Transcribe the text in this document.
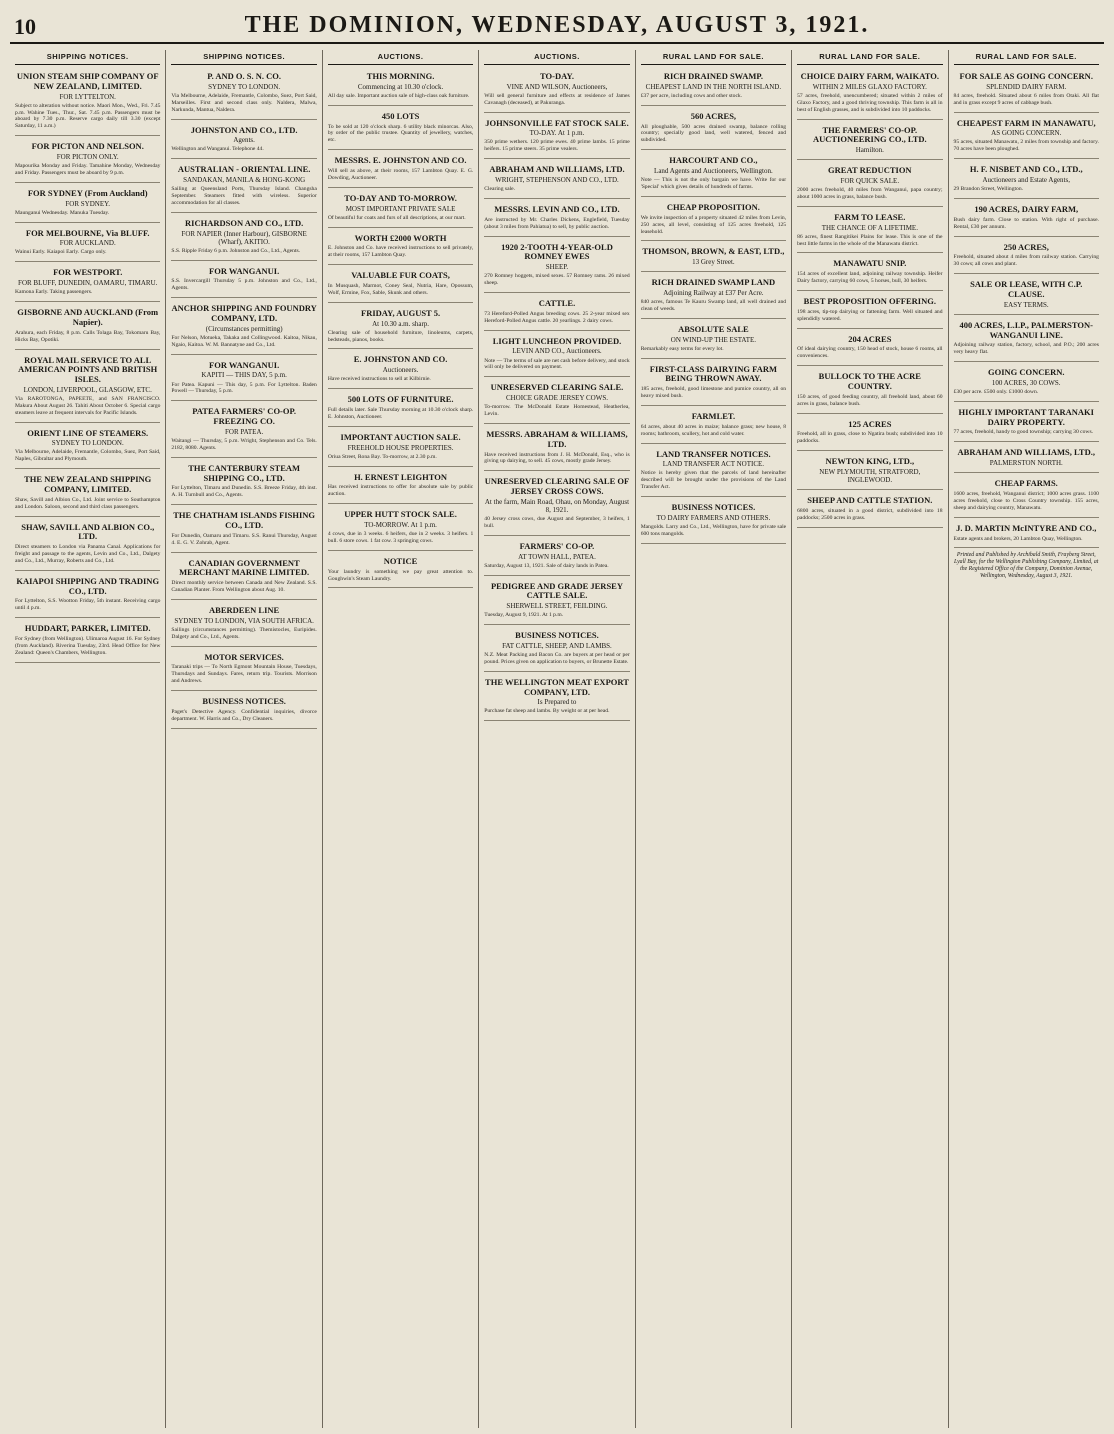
10	THE DOMINION, WEDNESDAY, AUGUST 3, 1921.
SHIPPING NOTICES.
UNION STEAM SHIP COMPANY OF NEW ZEALAND, LIMITED.
FOR LYTTELTON.
Subject to alteration without notice. Maori Mon., Wed., Fri. 7.45 p.m. Wahine Tues., Thur., Sat. 7.45 p.m. Passengers must be aboard by 7.30 p.m. Reserve cargo daily till 3.30 (except Saturday, 11 a.m.)
FOR PICTON AND NELSON.
FOR PICTON ONLY.
Mapourika Monday and Friday. Tamahine Monday, Wednesday and Friday. Passengers must be aboard by 9 p.m.
FOR SYDNEY (From Auckland)
FOR SYDNEY.
Maunganui Wednesday. Manuka Tuesday.
FOR MELBOURNE, Via BLUFF.
FOR AUCKLAND.
Wainui Early. Kaiapoi Early. Cargo only.
FOR WESTPORT.
FOR BLUFF, DUNEDIN, OAMARU, TIMARU.
Kamona Early. Taking passengers.
GISBORNE AND AUCKLAND (From Napier).
Arahura, each Friday, 8 p.m. Calls Tolaga Bay, Tokomaru Bay, Hicks Bay, Opotiki.
ROYAL MAIL SERVICE TO ALL AMERICAN POINTS AND BRITISH ISLES.
LONDON, LIVERPOOL, GLASGOW, ETC.
Via RAROTONGA, PAPEETE, and SAN FRANCISCO. Makura About August 26. Tahiti About October 6. Special cargo steamers leave at frequent intervals for Pacific Islands.
ORIENT LINE OF STEAMERS.
SYDNEY TO LONDON.
Via Melbourne, Adelaide, Fremantle, Colombo, Suez, Port Said, Naples, Gibraltar and Plymouth.
THE NEW ZEALAND SHIPPING COMPANY, LIMITED.
Shaw, Savill and Albion Co., Ltd. Joint service to Southampton and London. Saloon, second and third class passengers.
SHAW, SAVILL AND ALBION CO., LTD.
Direct steamers to London via Panama Canal. Applications for freight and passage to the agents, Levin and Co., Ltd., Dalgety and Co., Ltd., Murray, Roberts and Co., Ltd.
KAIAPOI SHIPPING AND TRADING CO., LTD.
For Lyttelton, S.S. Wootton Friday, 5th instant. Receiving cargo until 4 p.m.
HUDDART, PARKER, LIMITED.
For Sydney (from Wellington). Ulimaroa August 16. For Sydney (from Auckland). Riverina Tuesday, 23rd. Head Office for New Zealand: Queen's Chambers, Wellington.
SHIPPING NOTICES.
P. AND O. S. N. CO.
SYDNEY TO LONDON.
Via Melbourne, Adelaide, Fremantle, Colombo, Suez, Port Said, Marseilles. First and second class only. Naldera, Malwa, Narkunda, Mantua, Naldera.
JOHNSTON AND CO., LTD.
Agents.
Wellington and Wanganui. Telephone 44.
AUSTRALIAN - ORIENTAL LINE.
SANDAKAN, MANILA & HONG-KONG
Sailing at Queensland Ports, Thursday Island. Changsha September. Steamers fitted with wireless. Superior accommodation for all classes.
RICHARDSON AND CO., LTD.
FOR NAPIER (Inner Harbour), GISBORNE (Wharf), AKITIO.
S.S. Ripple Friday 6 p.m. Johnston and Co., Ltd., Agents.
FOR WANGANUI.
S.S. Invercargill Thursday 5 p.m. Johnston and Co., Ltd., Agents.
ANCHOR SHIPPING AND FOUNDRY COMPANY, LTD.
(Circumstances permitting)
For Nelson, Motueka, Takaka and Collingwood. Kaitoa, Nikau, Ngaio, Kaitoa. W. M. Bannatyne and Co., Ltd.
FOR WANGANUI.
KAPITI — THIS DAY, 5 p.m.
For Patea. Kapuni — This day, 5 p.m. For Lyttelton. Baden Powell — Thursday, 5 p.m.
PATEA FARMERS' CO-OP. FREEZING CO.
FOR PATEA.
Waitangi — Thursday, 5 p.m. Wright, Stephenson and Co. Tels. 2182, 8080. Agents.
THE CANTERBURY STEAM SHIPPING CO., LTD.
For Lyttelton, Timaru and Dunedin. S.S. Breeze Friday, 4th inst. A. H. Turnbull and Co., Agents.
THE CHATHAM ISLANDS FISHING CO., LTD.
For Dunedin, Oamaru and Timaru. S.S. Ranui Thursday, August 4. E. G. V. Zohrab, Agent.
CANADIAN GOVERNMENT MERCHANT MARINE LIMITED.
Direct monthly service between Canada and New Zealand. S.S. Canadian Planter. From Wellington about Aug. 10.
ABERDEEN LINE
SYDNEY TO LONDON, VIA SOUTH AFRICA.
Sailings (circumstances permitting). Themistocles, Euripides. Dalgety and Co., Ltd., Agents.
MOTOR SERVICES.
Taranaki trips — To North Egmont Mountain House, Tuesdays, Thursdays and Sundays. Fares, return trip. Tourists. Morrison and Andrews.
BUSINESS NOTICES.
Paget's Detective Agency. Confidential inquiries, divorce department. W. Harris and Co., Dry Cleaners.
AUCTIONS.
THIS MORNING.
Commencing at 10.30 o'clock.
All day sale. Important auction sale of high-class oak furniture.
450 LOTS
To be sold at 120 o'clock sharp. 6 utility black minorcas. Also, by order of the public trustee. Quantity of jewellery, watches, etc.
MESSRS. E. JOHNSTON AND CO.
Will sell as above, at their rooms, 157 Lambton Quay. E. G. Dowding, Auctioneer.
TO-DAY AND TO-MORROW.
MOST IMPORTANT PRIVATE SALE
Of beautiful fur coats and furs of all descriptions, at our mart.
WORTH £2000 WORTH
E. Johnston and Co. have received instructions to sell privately, at their rooms, 157 Lambton Quay.
VALUABLE FUR COATS,
In Musquash, Marmot, Coney Seal, Nutria, Hare, Opossum, Wolf, Ermine, Fox, Sable, Skunk and others.
FRIDAY, AUGUST 5.
At 10.30 a.m. sharp.
Clearing sale of household furniture, linoleums, carpets, bedsteads, pianos, books.
E. JOHNSTON AND CO.
Auctioneers.
Have received instructions to sell at Kilbirnie.
500 LOTS OF FURNITURE.
Full details later. Sale Thursday morning at 10.30 o'clock sharp. E. Johnston, Auctioneer.
IMPORTANT AUCTION SALE.
FREEHOLD HOUSE PROPERTIES.
Oriua Street, Rona Bay. To-morrow, at 2.30 p.m.
H. ERNEST LEIGHTON
Has received instructions to offer for absolute sale by public auction.
UPPER HUTT STOCK SALE.
TO-MORROW. At 1 p.m.
4 cows, due in 3 weeks. 6 heifers, due in 2 weeks. 3 heifers. 1 bull. 6 store cows. 1 fat cow. 3 springing cows.
NOTICE
Your laundry is something we pay great attention to. Goughwin's Steam Laundry.
AUCTIONS.
TO-DAY.
VINE AND WILSON, Auctioneers,
Will sell general furniture and effects at residence of James Cavanagh (deceased), at Pakuranga.
JOHNSONVILLE FAT STOCK SALE.
TO-DAY. At 1 p.m.
350 prime wethers. 120 prime ewes. 40 prime lambs. 15 prime heifers. 15 prime steers. 35 prime vealers.
ABRAHAM AND WILLIAMS, LTD.
WRIGHT, STEPHENSON AND CO., LTD.
Clearing sale.
MESSRS. LEVIN AND CO., LTD.
Are instructed by Mr. Charles Dickens, Englefield, Tuesday (about 3 miles from Pahiatua) to sell, by public auction.
1920 2-TOOTH 4-YEAR-OLD ROMNEY EWES
SHEEP.
270 Romney hoggets, mixed sexes. 57 Romney rams. 26 mixed sheep.
CATTLE.
73 Hereford-Polled Angus breeding cows. 25 2-year mixed sex Hereford-Polled Angus cattle. 20 yearlings. 2 dairy cows.
LIGHT LUNCHEON PROVIDED.
LEVIN AND CO., Auctioneers.
Note — The terms of sale are net cash before delivery, and stock will only be delivered on payment.
UNRESERVED CLEARING SALE.
CHOICE GRADE JERSEY COWS.
To-morrow. The McDonald Estate Homestead, Heatherlea, Levin.
MESSRS. ABRAHAM & WILLIAMS, LTD.
Have received instructions from J. H. McDonald, Esq., who is giving up dairying, to sell. 45 cows, mostly grade Jersey.
UNRESERVED CLEARING SALE OF JERSEY CROSS COWS.
At the farm, Main Road, Ohau, on Monday, August 8, 1921.
40 Jersey cross cows, due August and September, 3 heifers, 1 bull.
FARMERS' CO-OP.
AT TOWN HALL, PATEA.
Saturday, August 13, 1921. Sale of dairy lands in Patea.
PEDIGREE AND GRADE JERSEY CATTLE SALE.
SHERWELL STREET, FEILDING.
Tuesday, August 9, 1921. At 1 p.m.
BUSINESS NOTICES.
FAT CATTLE, SHEEP, AND LAMBS.
N.Z. Meat Packing and Bacon Co. are buyers at per head or per pound. Prices given on application to buyers, or Brunette Estate.
THE WELLINGTON MEAT EXPORT COMPANY, LTD.
Is Prepared to
Purchase fat sheep and lambs. By weight or at per head.
RURAL LAND FOR SALE.
RICH DRAINED SWAMP.
CHEAPEST LAND IN THE NORTH ISLAND.
£37 per acre, including cows and other stock.
560 ACRES,
All ploughable, 500 acres drained swamp, balance rolling country; specially good land, well watered, fenced and subdivided.
HARCOURT AND CO.,
Land Agents and Auctioneers, Wellington.
Note — This is not the only bargain we have. Write for our 'Special' which gives details of hundreds of farms.
CHEAP PROPOSITION.
We invite inspection of a property situated 42 miles from Levin, 250 acres, all level, consisting of 125 acres freehold, 125 leasehold.
THOMSON, BROWN, & EAST, LTD.,
13 Grey Street.
RICH DRAINED SWAMP LAND
Adjoining Railway at £37 Per Acre.
840 acres, famous Te Kauru Swamp land, all well drained and clean of weeds.
ABSOLUTE SALE
ON WIND-UP THE ESTATE.
Remarkably easy terms for every lot.
FIRST-CLASS DAIRYING FARM BEING THROWN AWAY.
185 acres, freehold, good limestone and pumice country, all on heavy mixed bush.
FARMLET.
64 acres, about 40 acres in maize; balance grass; new house, 8 rooms; bathroom, scullery, hot and cold water.
LAND TRANSFER NOTICES.
LAND TRANSFER ACT NOTICE.
Notice is hereby given that the parcels of land hereinafter described will be brought under the provisions of the Land Transfer Act.
BUSINESS NOTICES.
TO DAIRY FARMERS AND OTHERS.
Mangolds. Larry and Co., Ltd., Wellington, have for private sale 600 tons mangolds.
RURAL LAND FOR SALE.
CHOICE DAIRY FARM, WAIKATO.
WITHIN 2 MILES GLAXO FACTORY.
57 acres, freehold, unencumbered; situated within 2 miles of Glaxo Factory, and a good thriving township. This farm is all in best of English grasses, and is subdivided into 10 paddocks.
THE FARMERS' CO-OP. AUCTIONEERING CO., LTD.
Hamilton.
GREAT REDUCTION
FOR QUICK SALE.
2000 acres freehold, 40 miles from Wanganui, papa country; about 1000 acres in grass, balance bush.
FARM TO LEASE.
THE CHANCE OF A LIFETIME.
86 acres, finest Rangitikei Plains for lease. This is one of the best little farms in the whole of the Manawatu district.
MANAWATU SNIP.
154 acres of excellent land, adjoining railway township. Heifer Dairy factory, carrying 60 cows, 5 horses, bull, 30 heifers.
BEST PROPOSITION OFFERING.
198 acres, tip-top dairying or fattening farm. Well situated and splendidly watered.
204 ACRES
Of ideal dairying country, 150 head of stock, house 6 rooms, all conveniences.
BULLOCK TO THE ACRE COUNTRY.
150 acres, of good feeding country, all freehold land, about 60 acres in grass, balance bush.
125 ACRES
Freehold, all in grass, close to Ngatira bush; subdivided into 10 paddocks.
NEWTON KING, LTD.,
NEW PLYMOUTH, STRATFORD, INGLEWOOD.
SHEEP AND CATTLE STATION.
6800 acres, situated in a good district, subdivided into 18 paddocks; 2500 acres in grass.
RURAL LAND FOR SALE.
FOR SALE AS GOING CONCERN.
SPLENDID DAIRY FARM.
84 acres, freehold. Situated about 6 miles from Otaki. All flat and in grass except 9 acres of cabbage bush.
CHEAPEST FARM IN MANAWATU,
AS GOING CONCERN.
95 acres, situated Manawatu, 2 miles from township and factory. 70 acres have been ploughed.
H. F. NISBET AND CO., LTD.,
Auctioneers and Estate Agents,
29 Brandon Street, Wellington.
190 ACRES, DAIRY FARM,
Bush dairy farm. Close to station. With right of purchase. Rental, £30 per annum.
250 ACRES,
Freehold, situated about 4 miles from railway station. Carrying 30 cows; all cows and plant.
SALE OR LEASE, WITH C.P. CLAUSE.
EASY TERMS.
400 ACRES, L.I.P., PALMERSTON-WANGANUI LINE.
Adjoining railway station, factory, school, and P.O.; 200 acres very heavy flat.
GOING CONCERN.
100 ACRES, 30 COWS.
£30 per acre. £500 only. £1000 down.
HIGHLY IMPORTANT TARANAKI DAIRY PROPERTY.
77 acres, freehold, handy to good township; carrying 30 cows.
ABRAHAM AND WILLIAMS, LTD.,
PALMERSTON NORTH.
CHEAP FARMS.
1600 acres, freehold, Wanganui district; 1000 acres grass. 1100 acres freehold, close to Cross Country township. 155 acres, sheep and dairying country, Manawatu.
J. D. MARTIN McINTYRE AND CO.,
Estate agents and brokers, 20 Lambton Quay, Wellington.
Printed and Published by Archibald Smith, Frayberg Street, Lyall Bay, for the Wellington Publishing Company, Limited, at the Registered Office of the Company, Dominion Avenue, Wellington, Wednesday, August 3, 1921.
